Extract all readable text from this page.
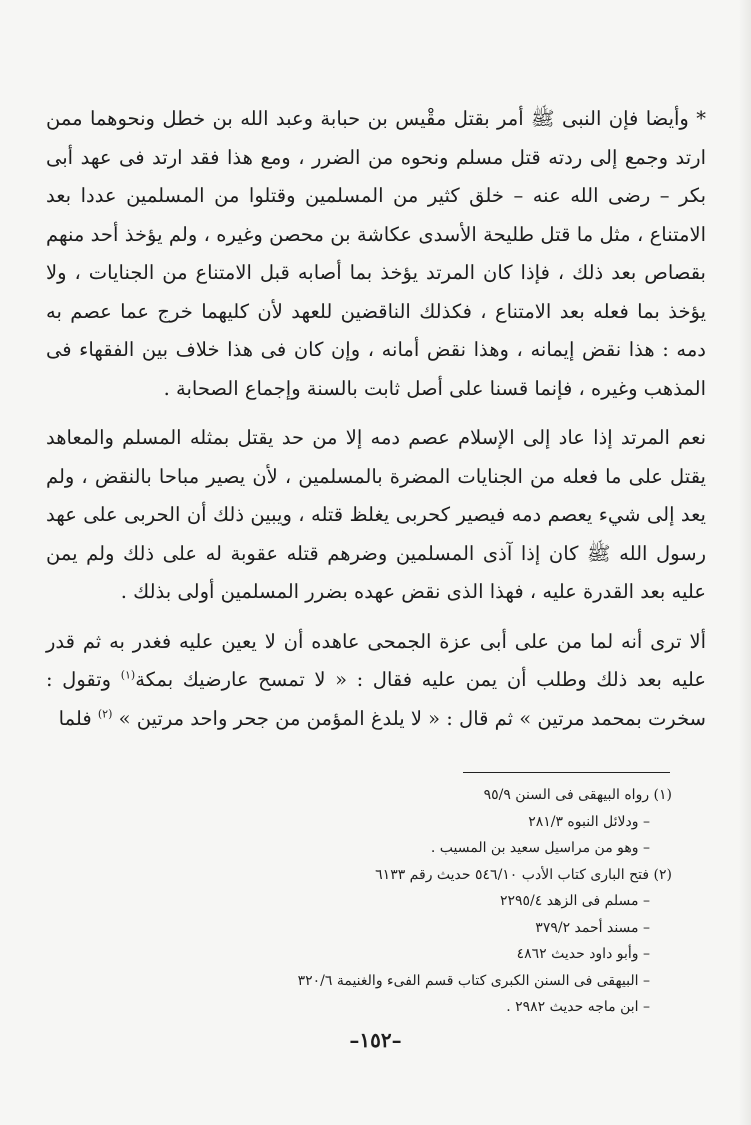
* وأيضا فإن النبى ﷺ أمر بقتل مقْيس بن حبابة وعبد الله بن خطل ونحوهما ممن ارتد وجمع إلى ردته قتل مسلم ونحوه من الضرر ، ومع هذا فقد ارتد فى عهد أبى بكر – رضى الله عنه – خلق كثير من المسلمين وقتلوا من المسلمين عددا بعد الامتناع ، مثل ما قتل طليحة الأسدى عكاشة بن محصن وغيره ، ولم يؤخذ أحد منهم بقصاص بعد ذلك ، فإذا كان المرتد يؤخذ بما أصابه قبل الامتناع من الجنايات ، ولا يؤخذ بما فعله بعد الامتناع ، فكذلك الناقضين للعهد لأن كليهما خرج عما عصم به دمه : هذا نقض إيمانه ، وهذا نقض أمانه ، وإن كان فى هذا خلاف بين الفقهاء فى المذهب وغيره ، فإنما قسنا على أصل ثابت بالسنة وإجماع الصحابة .

نعم المرتد إذا عاد إلى الإسلام عصم دمه إلا من حد يقتل بمثله المسلم والمعاهد يقتل على ما فعله من الجنايات المضرة بالمسلمين ، لأن يصير مباحا بالنقض ، ولم يعد إلى شيء يعصم دمه فيصير كحربى يغلظ قتله ، ويبين ذلك أن الحربى على عهد رسول الله ﷺ كان إذا آذى المسلمين وضرهم قتله عقوبة له على ذلك ولم يمن عليه بعد القدرة عليه ، فهذا الذى نقض عهده بضرر المسلمين أولى بذلك .

ألا ترى أنه لما من على أبى عزة الجمحى عاهده أن لا يعين عليه فغدر به ثم قدر عليه بعد ذلك وطلب أن يمن عليه فقال : « لا تمسح عارضيك بمكة$^{(١)}$ وتقول : سخرت بمحمد مرتين » ثم قال : « لا يلدغ المؤمن من جحر واحد مرتين » $^{(٢)}$ فلما

(١) رواه البيهقى فى السنن ٩٥/٩

– ودلائل النبوه ٢٨١/٣

– وهو من مراسيل سعيد بن المسيب .

(٢) فتح البارى كتاب الأدب ٥٤٦/١٠ حديث رقم ٦١٣٣

– مسلم فى الزهد ٢٢٩٥/٤

– مسند أحمد ٣٧٩/٢

– وأبو داود حديث ٤٨٦٢

– البيهقى فى السنن الكبرى كتاب قسم الفىء والغنيمة ٣٢٠/٦

– ابن ماجه حديث ٢٩٨٢ .

–١٥٢–
